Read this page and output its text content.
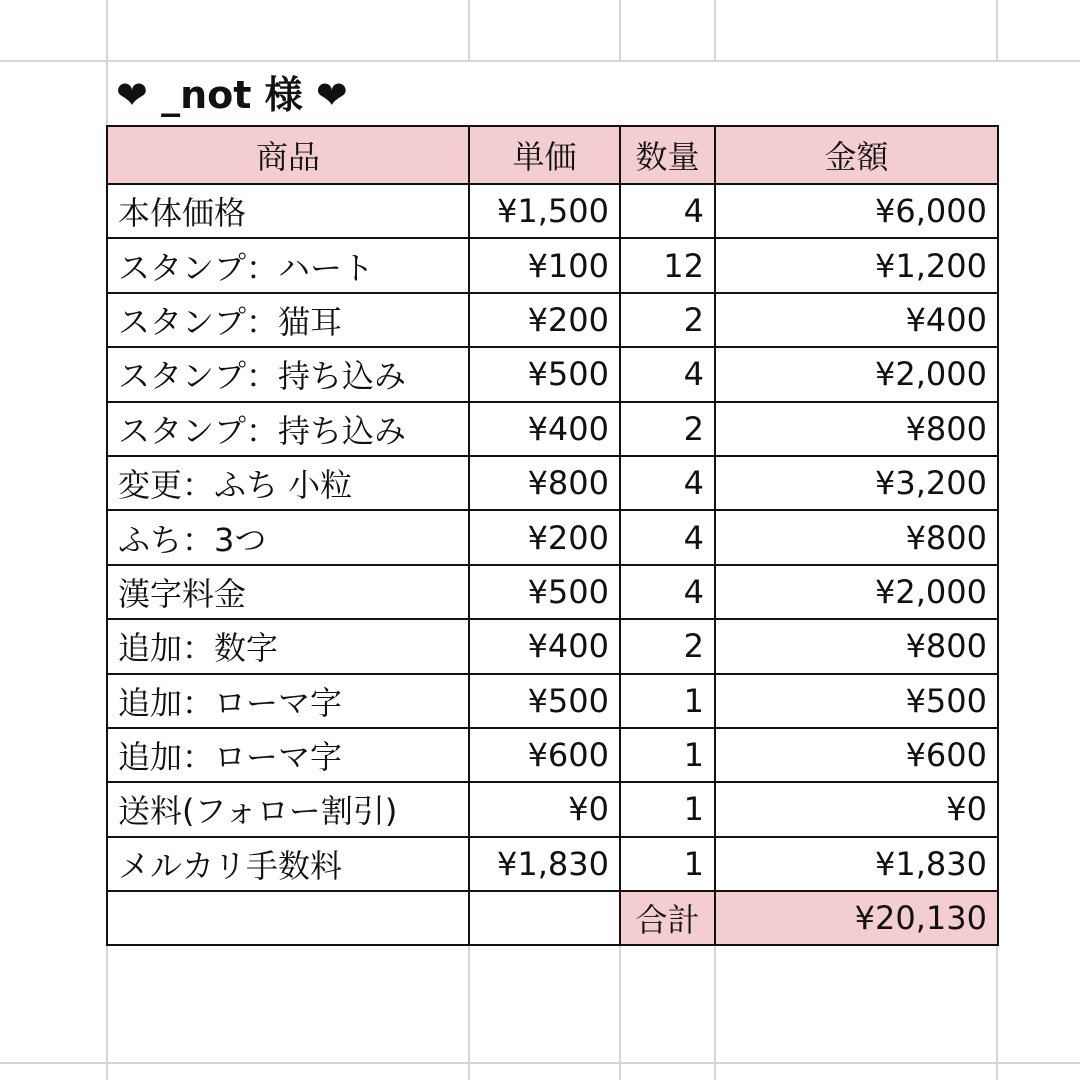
❤ _not 様 ❤
商品	単価	数量	金額
本体価格	¥1,500	4	¥6,000
スタンプ：ハート	¥100	12	¥1,200
スタンプ：猫耳	¥200	2	¥400
スタンプ：持ち込み	¥500	4	¥2,000
スタンプ：持ち込み	¥400	2	¥800
変更：ふち 小粒	¥800	4	¥3,200
ふち：3つ	¥200	4	¥800
漢字料金	¥500	4	¥2,000
追加：数字	¥400	2	¥800
追加：ローマ字	¥500	1	¥500
追加：ローマ字	¥600	1	¥600
送料(フォロー割引)	¥0	1	¥0
メルカリ手数料	¥1,830	1	¥1,830
		合計	¥20,130
